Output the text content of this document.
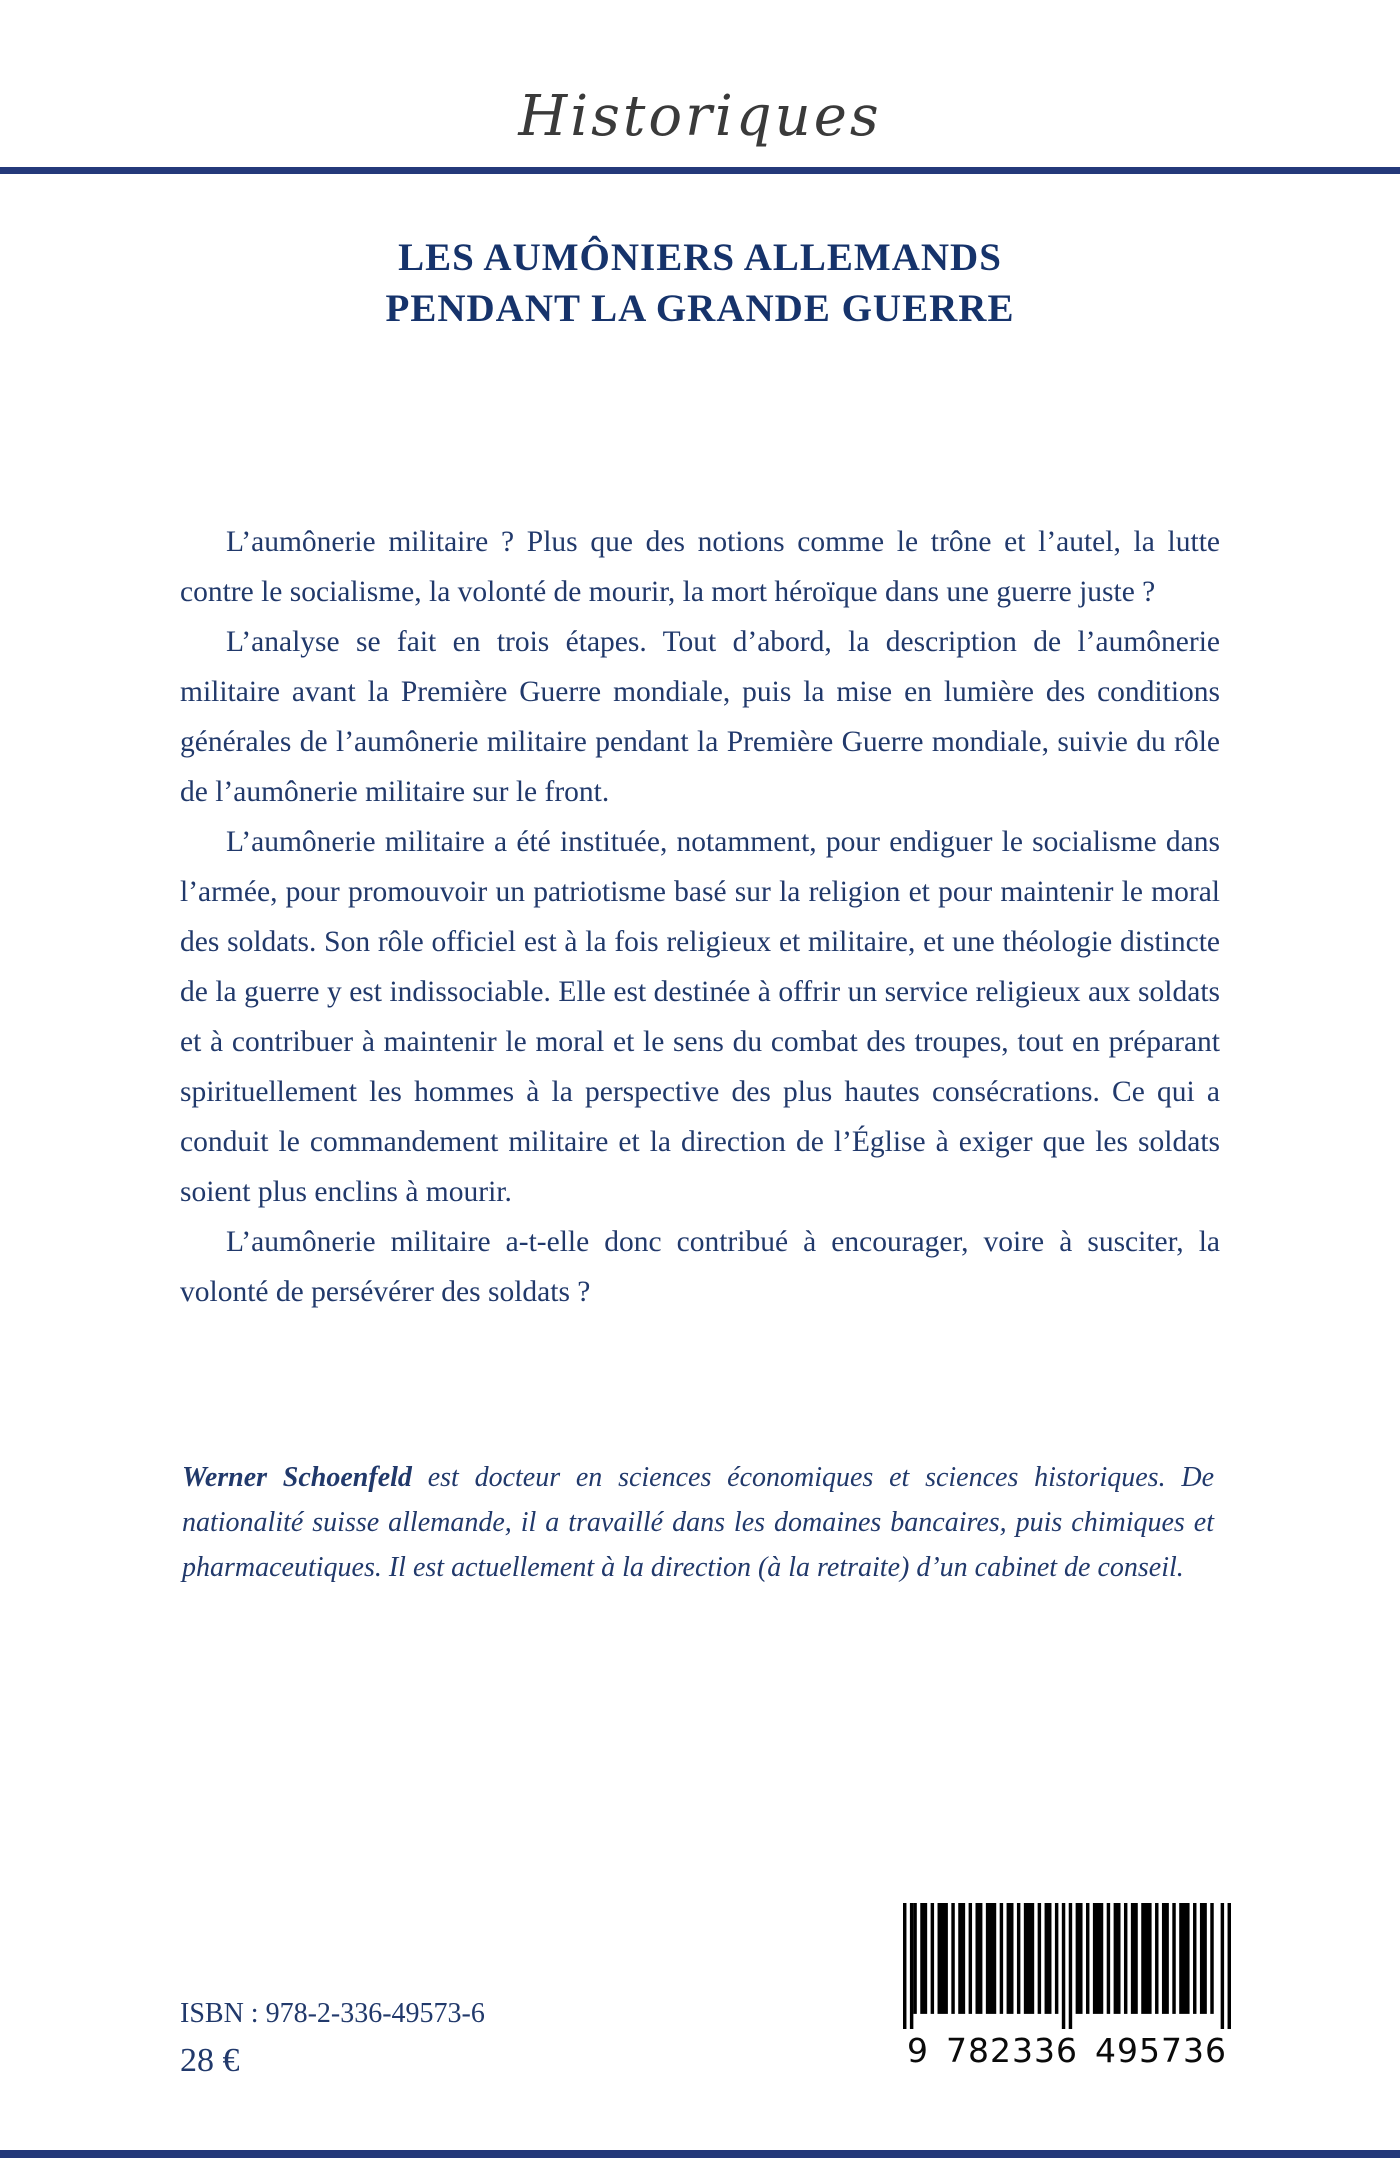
Historiques
LES AUMÔNIERS ALLEMANDS
PENDANT LA GRANDE GUERRE

L’aumônerie militaire ? Plus que des notions comme le trône et l’autel, la lutte contre le socialisme, la volonté de mourir, la mort héroïque dans une guerre juste ?

L’analyse se fait en trois étapes. Tout d’abord, la description de l’aumônerie militaire avant la Première Guerre mondiale, puis la mise en lumière des conditions générales de l’aumônerie militaire pendant la Première Guerre mondiale, suivie du rôle de l’aumônerie militaire sur le front.

L’aumônerie militaire a été instituée, notamment, pour endiguer le socialisme dans l’armée, pour promouvoir un patriotisme basé sur la religion et pour maintenir le moral des soldats. Son rôle officiel est à la fois religieux et militaire, et une théologie distincte de la guerre y est indissociable. Elle est destinée à offrir un service religieux aux soldats et à contribuer à maintenir le moral et le sens du combat des troupes, tout en préparant spirituellement les hommes à la perspective des plus hautes consécrations. Ce qui a conduit le commandement militaire et la direction de l’Église à exiger que les soldats soient plus enclins à mourir.

L’aumônerie militaire a-t-elle donc contribué à encourager, voire à susciter, la volonté de persévérer des soldats ?

Werner Schoenfeld est docteur en sciences économiques et sciences historiques. De nationalité suisse allemande, il a travaillé dans les domaines bancaires, puis chimiques et pharmaceutiques. Il est actuellement à la direction (à la retraite) d’un cabinet de conseil.
ISBN : 978-2-336-49573-6
28 €	9 782336 495736
